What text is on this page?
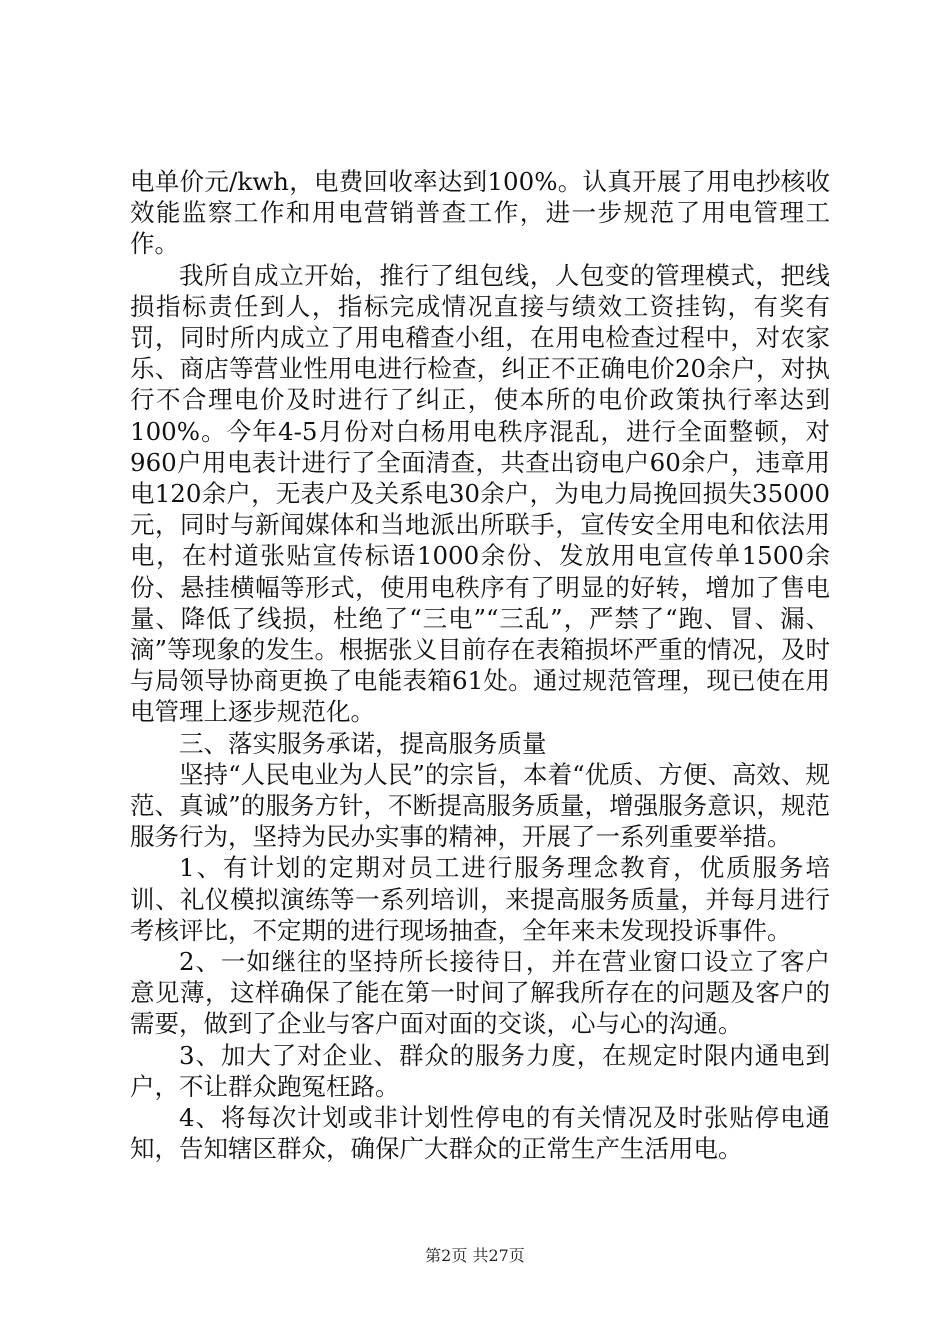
电单价元/kwh，电费回收率达到100%。认真开展了用电抄核收效能监察工作和用电营销普查工作，进一步规范了用电管理工作。

我所自成立开始，推行了组包线，人包变的管理模式，把线损指标责任到人，指标完成情况直接与绩效工资挂钩，有奖有罚，同时所内成立了用电稽查小组，在用电检查过程中，对农家乐、商店等营业性用电进行检查，纠正不正确电价20余户，对执行不合理电价及时进行了纠正，使本所的电价政策执行率达到100%。今年4-5月份对白杨用电秩序混乱，进行全面整顿，对960户用电表计进行了全面清查，共查出窃电户60余户，违章用电120余户，无表户及关系电30余户，为电力局挽回损失35000元，同时与新闻媒体和当地派出所联手，宣传安全用电和依法用电，在村道张贴宣传标语1000余份、发放用电宣传单1500余份、悬挂横幅等形式，使用电秩序有了明显的好转，增加了售电量、降低了线损，杜绝了“三电”“三乱”，严禁了“跑、冒、漏、滴”等现象的发生。根据张义目前存在表箱损坏严重的情况，及时与局领导协商更换了电能表箱61处。通过规范管理，现已使在用电管理上逐步规范化。

三、落实服务承诺，提高服务质量

坚持“人民电业为人民”的宗旨，本着“优质、方便、高效、规范、真诚”的服务方针，不断提高服务质量，增强服务意识，规范服务行为，坚持为民办实事的精神，开展了一系列重要举措。

1、有计划的定期对员工进行服务理念教育，优质服务培训、礼仪模拟演练等一系列培训，来提高服务质量，并每月进行考核评比，不定期的进行现场抽查，全年来未发现投诉事件。

2、一如继往的坚持所长接待日，并在营业窗口设立了客户意见薄，这样确保了能在第一时间了解我所存在的问题及客户的需要，做到了企业与客户面对面的交谈，心与心的沟通。

3、加大了对企业、群众的服务力度，在规定时限内通电到户，不让群众跑冤枉路。

4、将每次计划或非计划性停电的有关情况及时张贴停电通知，告知辖区群众，确保广大群众的正常生产生活用电。

第2页 共27页
